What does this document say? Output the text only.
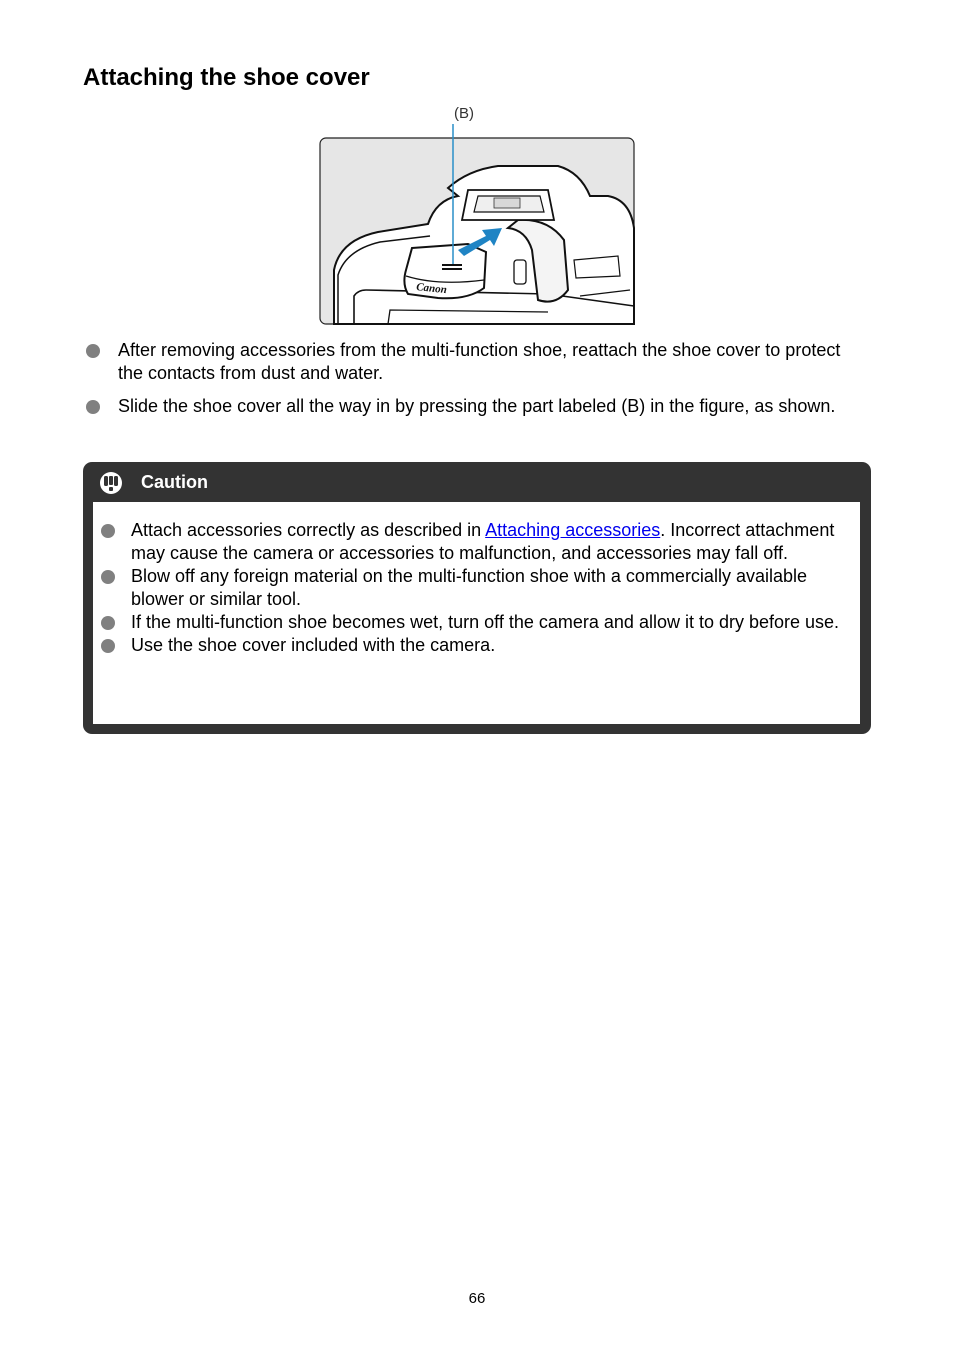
Attaching the shoe cover
(B)
Canon
After removing accessories from the multi-function shoe, reattach the shoe cover to protect the contacts from dust and water.
Slide the shoe cover all the way in by pressing the part labeled (B) in the figure, as shown.
Caution
Attach accessories correctly as described in Attaching accessories. Incorrect attachment may cause the camera or accessories to malfunction, and accessories may fall off.
Blow off any foreign material on the multi-function shoe with a commercially available blower or similar tool.
If the multi-function shoe becomes wet, turn off the camera and allow it to dry before use.
Use the shoe cover included with the camera.
66
